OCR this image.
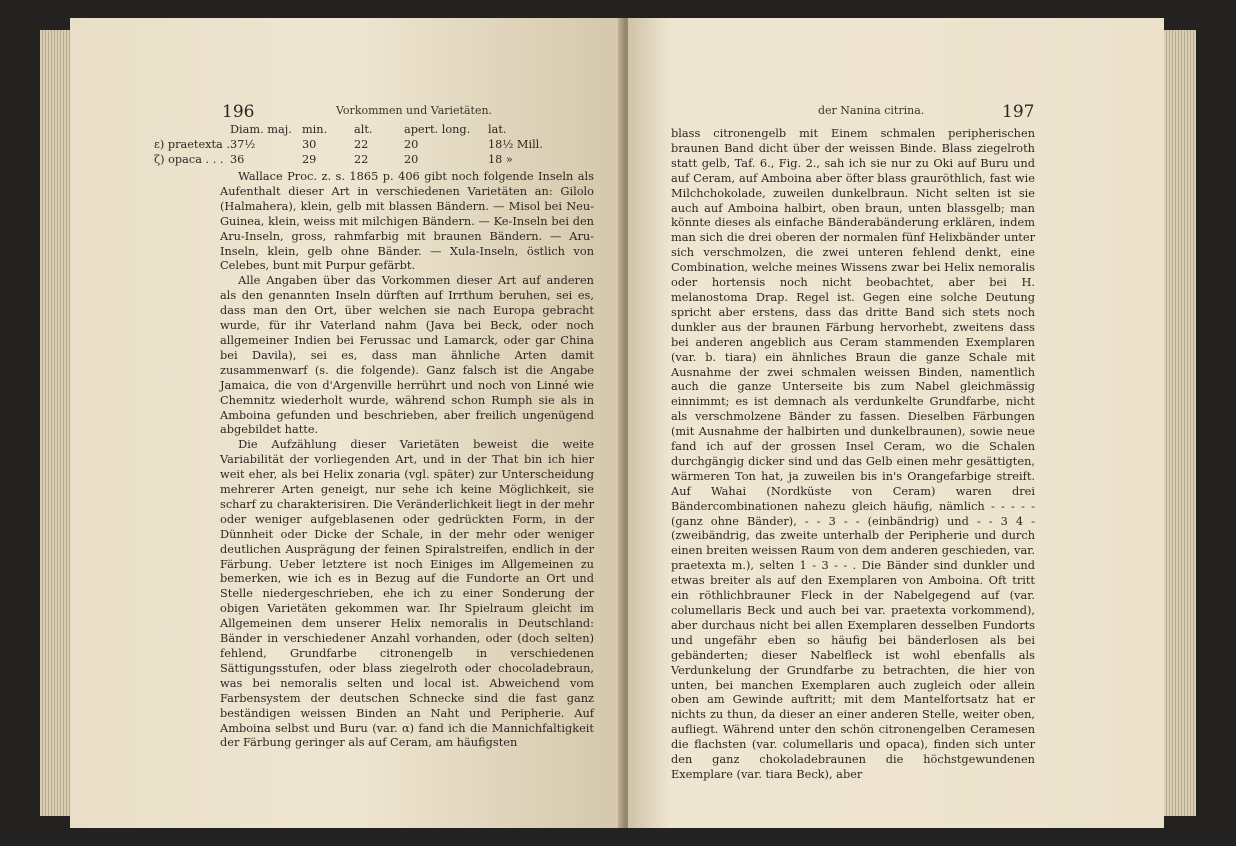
196	Vorkommen und Varietäten.
	Diam. maj.	min.	alt.	apert. long.	lat.
ε) praetexta .	37½	30	22	20	18½ Mill.
ζ) opaca . . .	36	29	22	20	18 »

Wallace Proc. z. s. 1865 p. 406 gibt noch folgende Inseln als Aufenthalt dieser Art in verschiedenen Varietäten an: Gilolo (Halmahera), klein, gelb mit blassen Bändern. — Misol bei Neu-Guinea, klein, weiss mit milchigen Bändern. — Ke-Inseln bei den Aru-Inseln, gross, rahmfarbig mit braunen Bändern. — Aru-Inseln, klein, gelb ohne Bänder. — Xula-Inseln, östlich von Celebes, bunt mit Purpur gefärbt.

Alle Angaben über das Vorkommen dieser Art auf anderen als den genannten Inseln dürften auf Irrthum beruhen, sei es, dass man den Ort, über welchen sie nach Europa gebracht wurde, für ihr Vaterland nahm (Java bei Beck, oder noch allgemeiner Indien bei Ferussac und Lamarck, oder gar China bei Davila), sei es, dass man ähnliche Arten damit zusammenwarf (s. die folgende). Ganz falsch ist die Angabe Jamaica, die von d'Argenville herrührt und noch von Linné wie Chemnitz wiederholt wurde, während schon Rumph sie als in Amboina gefunden und beschrieben, aber freilich ungenügend abgebildet hatte.

Die Aufzählung dieser Varietäten beweist die weite Variabilität der vorliegenden Art, und in der That bin ich hier weit eher, als bei Helix zonaria (vgl. später) zur Unterscheidung mehrerer Arten geneigt, nur sehe ich keine Möglichkeit, sie scharf zu charakterisiren. Die Veränderlichkeit liegt in der mehr oder weniger aufgeblasenen oder gedrückten Form, in der Dünnheit oder Dicke der Schale, in der mehr oder weniger deutlichen Ausprägung der feinen Spiralstreifen, endlich in der Färbung. Ueber letztere ist noch Einiges im Allgemeinen zu bemerken, wie ich es in Bezug auf die Fundorte an Ort und Stelle niedergeschrieben, ehe ich zu einer Sonderung der obigen Varietäten gekommen war. Ihr Spielraum gleicht im Allgemeinen dem unserer Helix nemoralis in Deutschland: Bänder in verschiedener Anzahl vorhanden, oder (doch selten) fehlend, Grundfarbe citronengelb in verschiedenen Sättigungsstufen, oder blass ziegelroth oder chocoladebraun, was bei nemoralis selten und local ist. Abweichend vom Farbensystem der deutschen Schnecke sind die fast ganz beständigen weissen Binden an Naht und Peripherie. Auf Amboina selbst und Buru (var. α) fand ich die Mannichfaltigkeit der Färbung geringer als auf Ceram, am häufigsten

der Nanina citrina.	197

blass citronengelb mit Einem schmalen peripherischen braunen Band dicht über der weissen Binde. Blass ziegelroth statt gelb, Taf. 6., Fig. 2., sah ich sie nur zu Oki auf Buru und auf Ceram, auf Amboina aber öfter blass grauröthlich, fast wie Milchchokolade, zuweilen dunkelbraun. Nicht selten ist sie auch auf Amboina halbirt, oben braun, unten blassgelb; man könnte dieses als einfache Bänderabänderung erklären, indem man sich die drei oberen der normalen fünf Helixbänder unter sich verschmolzen, die zwei unteren fehlend denkt, eine Combination, welche meines Wissens zwar bei Helix nemoralis oder hortensis noch nicht beobachtet, aber bei H. melanostoma Drap. Regel ist. Gegen eine solche Deutung spricht aber erstens, dass das dritte Band sich stets noch dunkler aus der braunen Färbung hervorhebt, zweitens dass bei anderen angeblich aus Ceram stammenden Exemplaren (var. b. tiara) ein ähnliches Braun die ganze Schale mit Ausnahme der zwei schmalen weissen Binden, namentlich auch die ganze Unterseite bis zum Nabel gleichmässig einnimmt; es ist demnach als verdunkelte Grundfarbe, nicht als verschmolzene Bänder zu fassen. Dieselben Färbungen (mit Ausnahme der halbirten und dunkelbraunen), sowie neue fand ich auf der grossen Insel Ceram, wo die Schalen durchgängig dicker sind und das Gelb einen mehr gesättigten, wärmeren Ton hat, ja zuweilen bis in's Orangefarbige streift. Auf Wahai (Nordküste von Ceram) waren drei Bändercombinationen nahezu gleich häufig, nämlich - - - - - (ganz ohne Bänder), - - 3 - - (einbändrig) und - - 3 4 - (zweibändrig, das zweite unterhalb der Peripherie und durch einen breiten weissen Raum von dem anderen geschieden, var. praetexta m.), selten 1 - 3 - - . Die Bänder sind dunkler und etwas breiter als auf den Exemplaren von Amboina. Oft tritt ein röthlichbrauner Fleck in der Nabelgegend auf (var. columellaris Beck und auch bei var. praetexta vorkommend), aber durchaus nicht bei allen Exemplaren desselben Fundorts und ungefähr eben so häufig bei bänderlosen als bei gebänderten; dieser Nabelfleck ist wohl ebenfalls als Verdunkelung der Grundfarbe zu betrachten, die hier von unten, bei manchen Exemplaren auch zugleich oder allein oben am Gewinde auftritt; mit dem Mantelfortsatz hat er nichts zu thun, da dieser an einer anderen Stelle, weiter oben, aufliegt. Während unter den schön citronengelben Ceramesen die flachsten (var. columellaris und opaca), finden sich unter den ganz chokoladebraunen die höchstgewundenen Exemplare (var. tiara Beck), aber
